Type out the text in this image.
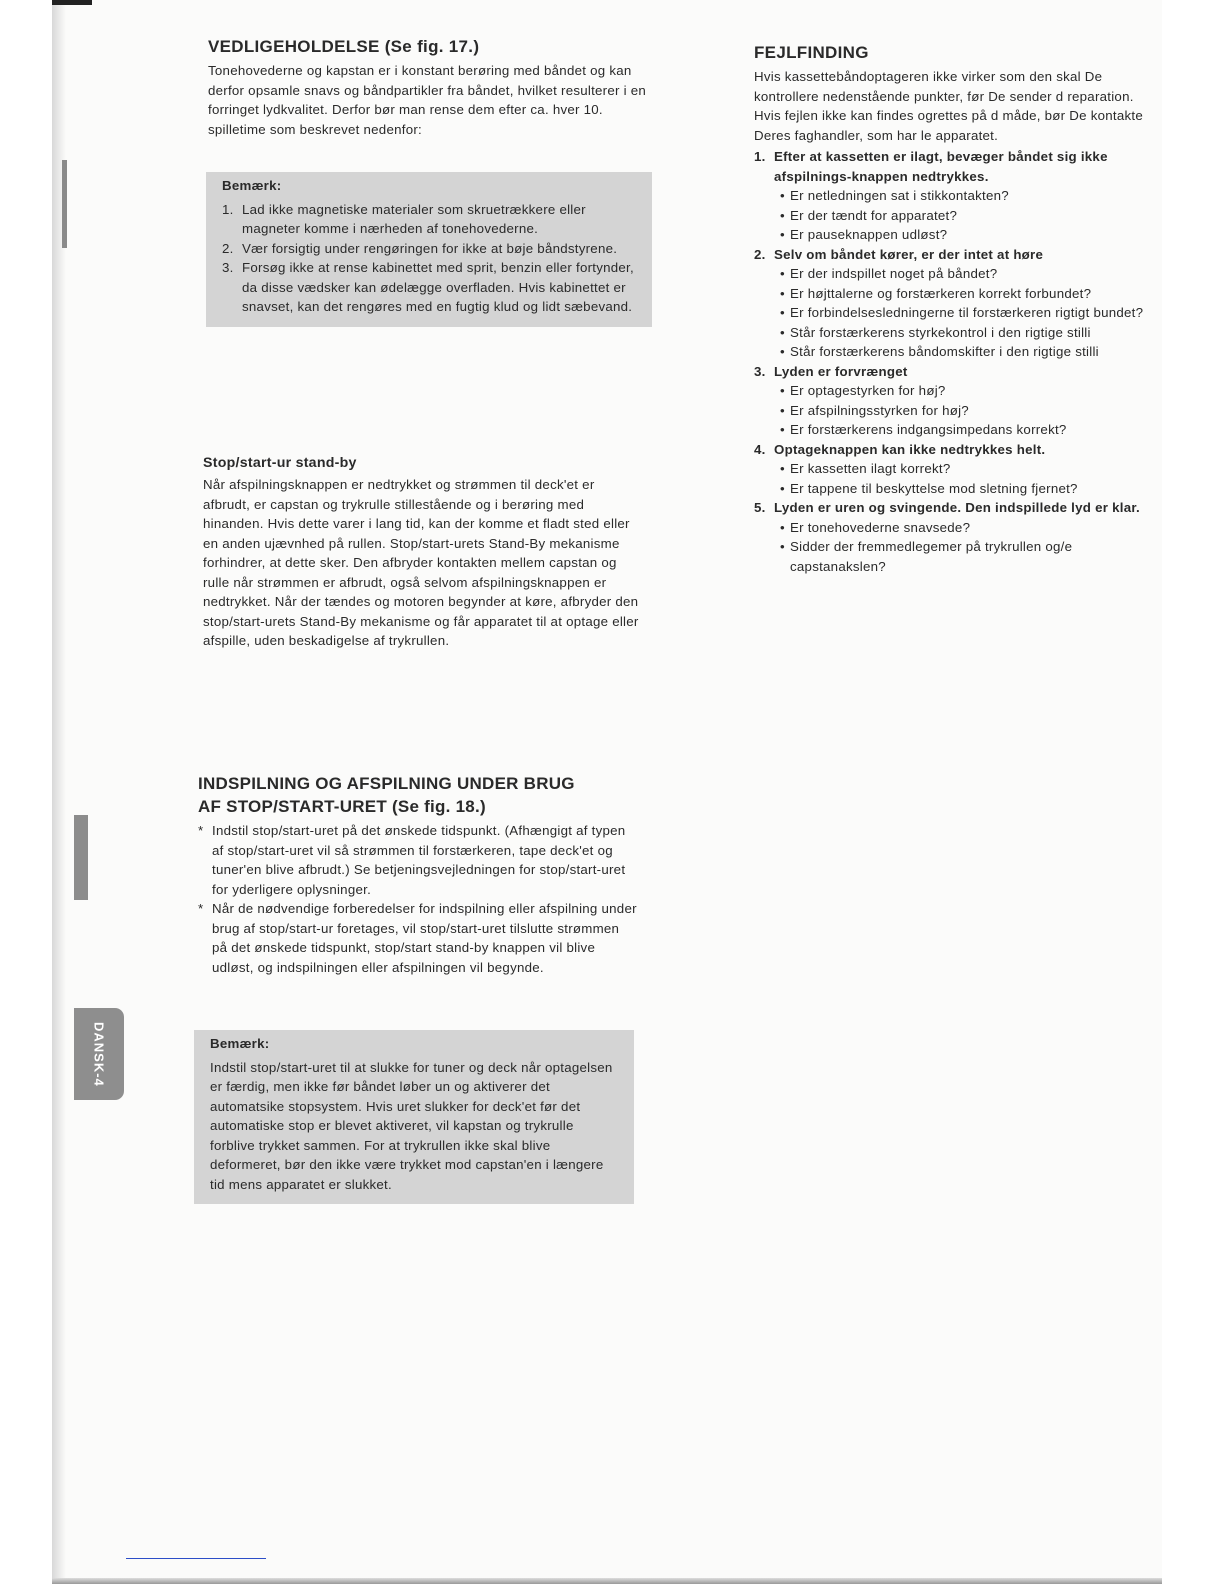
DANSK-4
VEDLIGEHOLDELSE (Se fig. 17.)

Tonehovederne og kapstan er i konstant berøring med båndet og kan derfor opsamle snavs og båndpartikler fra båndet, hvilket resulterer i en forringet lydkvalitet. Derfor bør man rense dem efter ca. hver 10. spilletime som beskrevet nedenfor:

Bemærk:
1. Lad ikke magnetiske materialer som skruetrækkere eller magneter komme i nærheden af tonehovederne.
2. Vær forsigtig under rengøringen for ikke at bøje båndstyrene.
3. Forsøg ikke at rense kabinettet med sprit, benzin eller fortynder, da disse vædsker kan ødelægge overfladen. Hvis kabinettet er snavset, kan det rengøres med en fugtig klud og lidt sæbevand.
Stop/start-ur stand-by

Når afspilningsknappen er nedtrykket og strømmen til deck'et er afbrudt, er capstan og trykrulle stillestående og i berøring med hinanden. Hvis dette varer i lang tid, kan der komme et fladt sted eller en anden ujævnhed på rullen. Stop/start-urets Stand-By mekanisme forhindrer, at dette sker. Den afbryder kontakten mellem capstan og rulle når strømmen er afbrudt, også selvom afspilningsknappen er nedtrykket. Når der tændes og motoren begynder at køre, afbryder den stop/start-urets Stand-By mekanisme og får apparatet til at optage eller afspille, uden beskadigelse af trykrullen.

INDSPILNING OG AFSPILNING UNDER BRUG
AF STOP/START-URET (Se fig. 18.)
* Indstil stop/start-uret på det ønskede tidspunkt. (Afhængigt af typen af stop/start-uret vil så strømmen til forstærkeren, tape deck'et og tuner'en blive afbrudt.) Se betjeningsvejledningen for stop/start-uret for yderligere oplysninger.
* Når de nødvendige forberedelser for indspilning eller afspilning under brug af stop/start-ur foretages, vil stop/start-uret tilslutte strømmen på det ønskede tidspunkt, stop/start stand-by knappen vil blive udløst, og indspilningen eller afspilningen vil begynde.
Bemærk:

Indstil stop/start-uret til at slukke for tuner og deck når optagelsen er færdig, men ikke før båndet løber un og aktiverer det automatsike stopsystem. Hvis uret slukker for deck'et før det automatiske stop er blevet aktiveret, vil kapstan og trykrulle forblive trykket sammen. For at trykrullen ikke skal blive deformeret, bør den ikke være trykket mod capstan'en i længere tid mens apparatet er slukket.

FEJLFINDING

Hvis kassettebåndoptageren ikke virker som den skal De kontrollere nedenstående punkter, før De sender d reparation. Hvis fejlen ikke kan findes ogrettes på d måde, bør De kontakte Deres faghandler, som har le apparatet.

1. Efter at kassetten er ilagt, bevæger båndet sig ikke afspilnings-knappen nedtrykkes.
• Er netledningen sat i stikkontakten?
• Er der tændt for apparatet?
• Er pauseknappen udløst?
2. Selv om båndet kører, er der intet at høre
• Er der indspillet noget på båndet?
• Er højttalerne og forstærkeren korrekt forbundet?
• Er forbindelsesledningerne til forstærkeren rigtigt bundet?
• Står forstærkerens styrkekontrol i den rigtige stilli
• Står forstærkerens båndomskifter i den rigtige stilli
3. Lyden er forvrænget
• Er optagestyrken for høj?
• Er afspilningsstyrken for høj?
• Er forstærkerens indgangsimpedans korrekt?
4. Optageknappen kan ikke nedtrykkes helt.
• Er kassetten ilagt korrekt?
• Er tappene til beskyttelse mod sletning fjernet?
5. Lyden er uren og svingende. Den indspillede lyd er klar.
• Er tonehovederne snavsede?
• Sidder der fremmedlegemer på trykrullen og/e capstanakslen?
